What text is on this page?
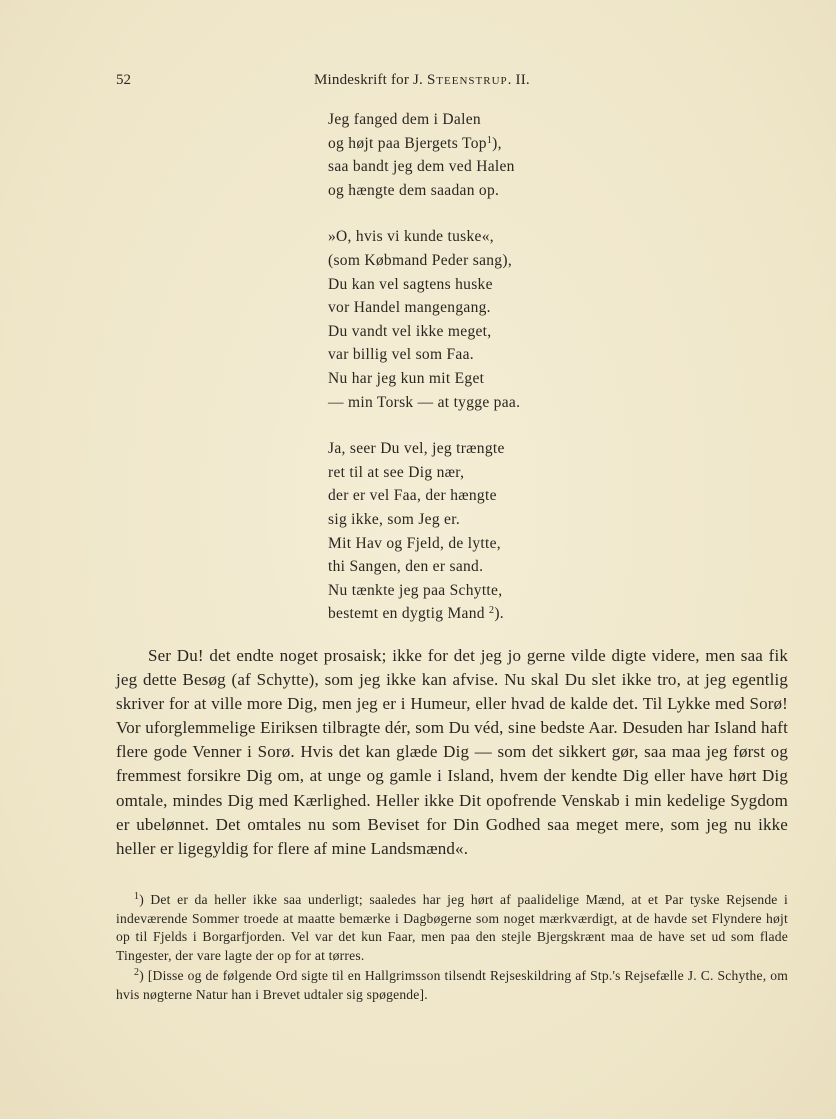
52	Mindeskrift for J. Steenstrup. II.
Jeg fanged dem i Dalen
og højt paa Bjergets Top$^1$),
saa bandt jeg dem ved Halen
og hængte dem saadan op.
»O, hvis vi kunde tuske«,
(som Købmand Peder sang),
Du kan vel sagtens huske
vor Handel mangengang.
Du vandt vel ikke meget,
var billig vel som Faa.
Nu har jeg kun mit Eget
— min Torsk — at tygge paa.
Ja, seer Du vel, jeg trængte
ret til at see Dig nær,
der er vel Faa, der hængte
sig ikke, som Jeg er.
Mit Hav og Fjeld, de lytte,
thi Sangen, den er sand.
Nu tænkte jeg paa Schytte,
bestemt en dygtig Mand $^2$).

Ser Du! det endte noget prosaisk; ikke for det jeg jo gerne vilde digte videre, men saa fik jeg dette Besøg (af Schytte), som jeg ikke kan afvise. Nu skal Du slet ikke tro, at jeg egentlig skriver for at ville more Dig, men jeg er i Humeur, eller hvad de kalde det. Til Lykke med Sorø! Vor uforglemmelige Eiriksen tilbragte dér, som Du véd, sine bedste Aar. Desuden har Island haft flere gode Venner i Sorø. Hvis det kan glæde Dig — som det sikkert gør, saa maa jeg først og fremmest forsikre Dig om, at unge og gamle i Island, hvem der kendte Dig eller have hørt Dig omtale, mindes Dig med Kærlighed. Heller ikke Dit opofrende Venskab i min kedelige Sygdom er ubelønnet. Det omtales nu som Beviset for Din Godhed saa meget mere, som jeg nu ikke heller er ligegyldig for flere af mine Landsmænd«.

$^1$) Det er da heller ikke saa underligt; saaledes har jeg hørt af paalidelige Mænd, at et Par tyske Rejsende i indeværende Sommer troede at maatte bemærke i Dagbøgerne som noget mærkværdigt, at de havde set Flyndere højt op til Fjelds i Borgarfjorden. Vel var det kun Faar, men paa den stejle Bjergskrænt maa de have set ud som flade Tingester, der vare lagte der op for at tørres.

$^2$) [Disse og de følgende Ord sigte til en Hallgrimsson tilsendt Rejseskildring af Stp.'s Rejsefælle J. C. Schythe, om hvis nøgterne Natur han i Brevet udtaler sig spøgende].
